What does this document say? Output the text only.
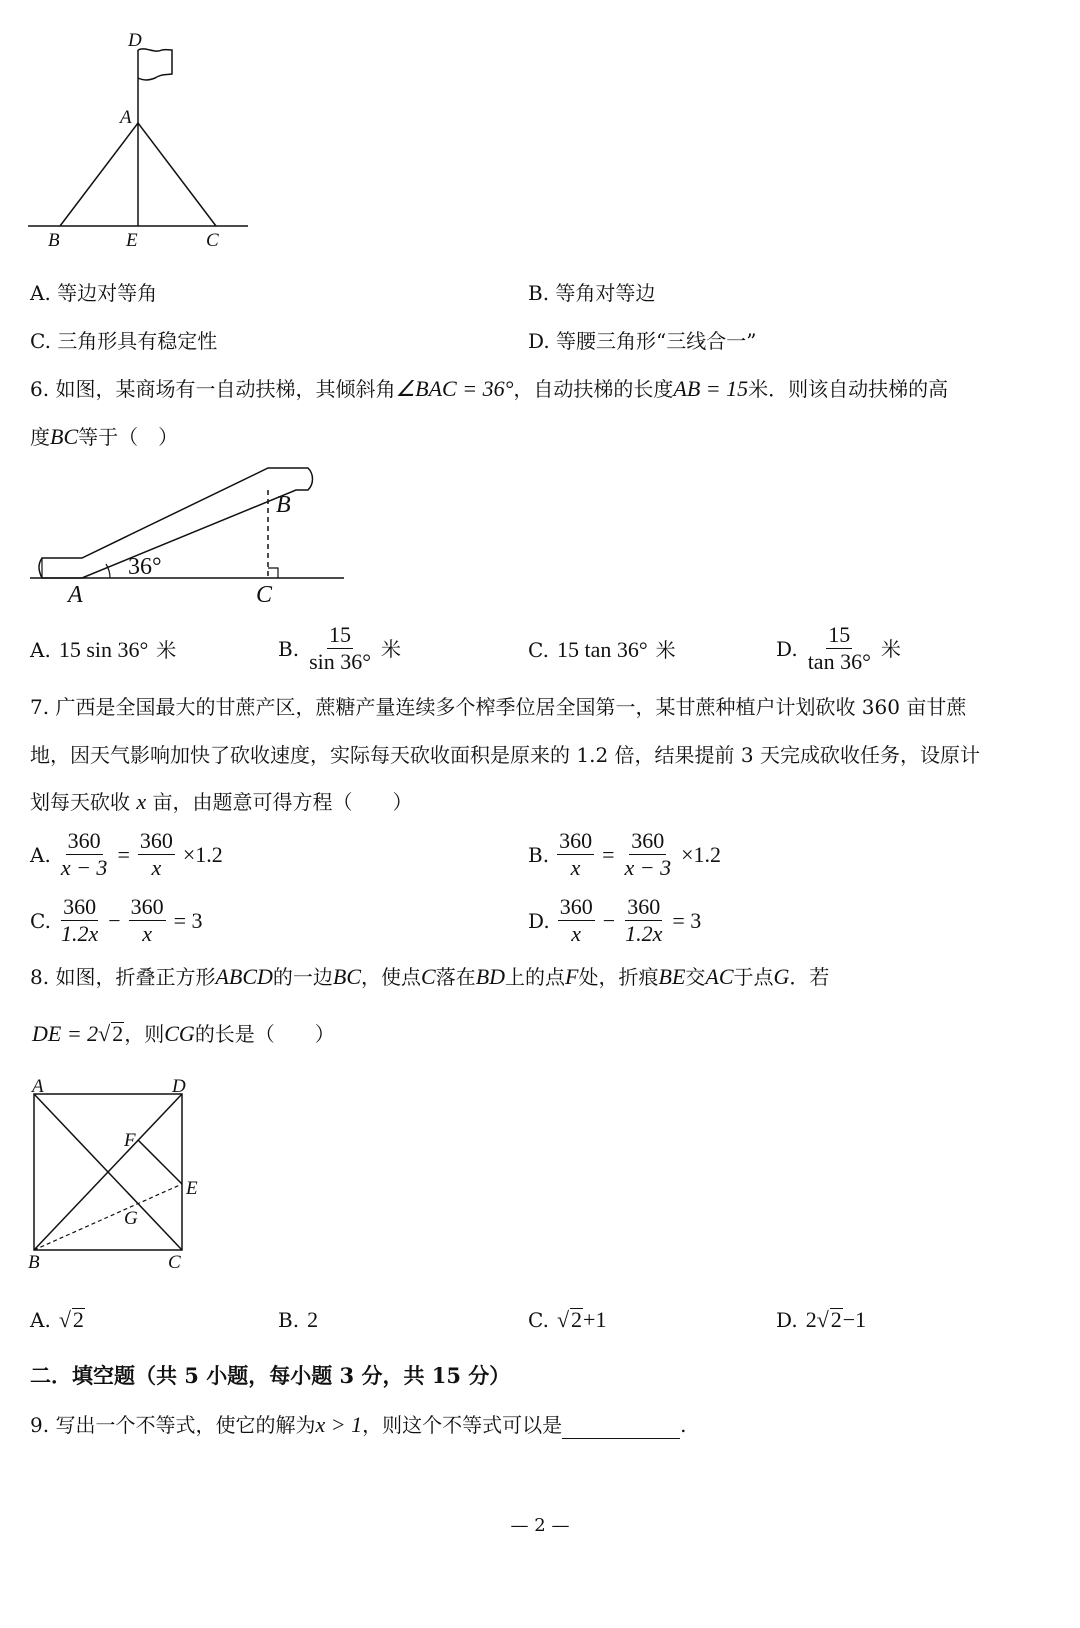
D
A
B	E	C
A. 等边对等角	B. 等角对等边
C. 三角形具有稳定性	D. 等腰三角形“三线合一”
6. 如图，某商场有一自动扶梯，其倾斜角∠BAC = 36°，自动扶梯的长度AB = 15米．则该自动扶梯的高
度BC等于（　）
A
B
C
36°
A. 15 sin 36° 米	B. $\frac{15}{\sin 36^\circ}$ 米	C. 15 tan 36° 米	D. $\frac{15}{\tan 36^\circ}$ 米
7. 广西是全国最大的甘蔗产区，蔗糖产量连续多个榨季位居全国第一，某甘蔗种植户计划砍收 360 亩甘蔗
地，因天气影响加快了砍收速度，实际每天砍收面积是原来的 1.2 倍，结果提前 3 天完成砍收任务，设原计
划每天砍收 x 亩，由题意可得方程（　　）
A. $\frac{360}{x - 3} = \frac{360}{x} \times 1.2$	B. $\frac{360}{x} = \frac{360}{x - 3} \times 1.2$
C. $\frac{360}{1.2x} - \frac{360}{x} = 3$	D. $\frac{360}{x} - \frac{360}{1.2x} = 3$
8. 如图，折叠正方形ABCD的一边BC，使点C落在BD上的点F处，折痕BE交AC于点G．若
DE = 2√2，则CG的长是（　　）
A	D
F
E
G
B	C
A. √2	B. 2	C. √2+1	D. 2√2−1
二．填空题（共 5 小题，每小题 3 分，共 15 分）
9. 写出一个不等式，使它的解为x > 1，则这个不等式可以是	.
— 2 —
